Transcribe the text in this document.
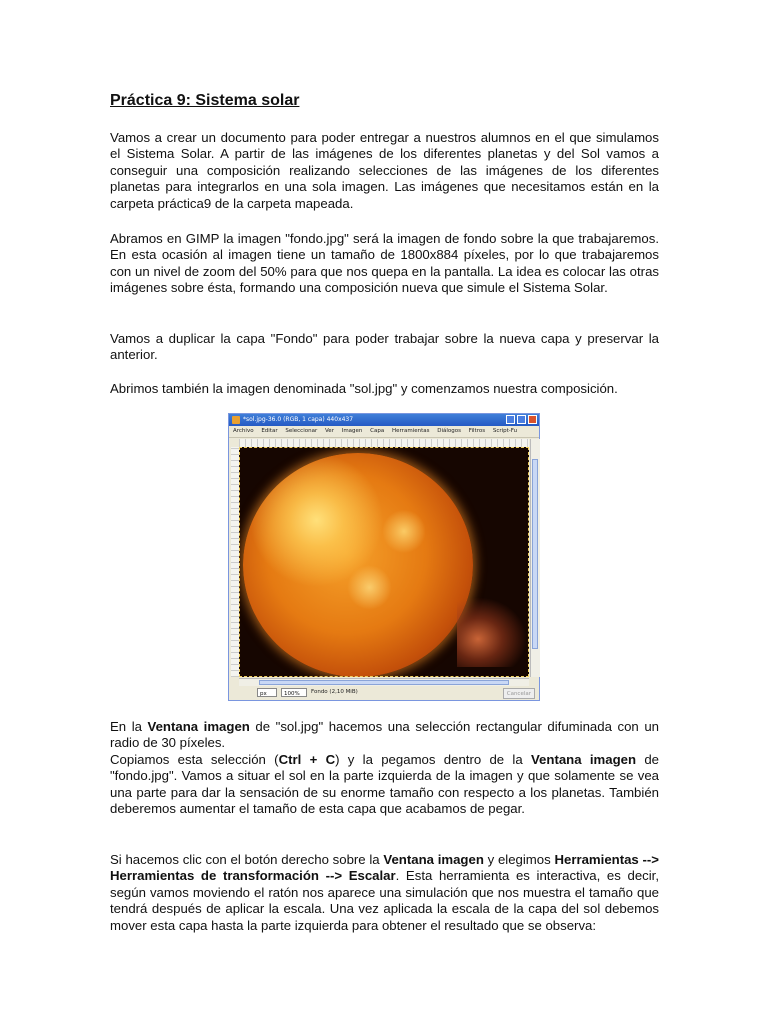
Práctica 9: Sistema solar

Vamos a crear un documento para poder entregar a nuestros alumnos en el que simulamos el Sistema Solar. A partir de las imágenes de los diferentes planetas y del Sol vamos a conseguir una composición realizando selecciones de las imágenes de los diferentes planetas para integrarlos en una sola imagen. Las imágenes que necesitamos están en la carpeta práctica9 de la carpeta mapeada.

Abramos en GIMP la imagen "fondo.jpg" será la imagen de fondo sobre la que trabajaremos. En esta ocasión al imagen tiene un tamaño de 1800x884 píxeles, por lo que trabajaremos con un nivel de zoom del 50% para que nos quepa en la pantalla. La idea es colocar las otras imágenes sobre ésta, formando una composición nueva que simule el Sistema Solar.

Vamos a duplicar la capa "Fondo" para poder trabajar sobre la nueva capa y preservar la anterior.

Abrimos también la imagen denominada "sol.jpg" y comenzamos nuestra composición.

*sol.jpg-36.0 (RGB, 1 capa) 440x437
Archivo Editar Seleccionar Ver Imagen Capa Herramientas Diálogos Filtros Script-Fu
px	100%	Fondo (2,10 MiB)	Cancelar

En la Ventana imagen de "sol.jpg" hacemos una selección rectangular difuminada con un radio de 30 píxeles.
Copiamos esta selección (Ctrl + C) y la pegamos dentro de la Ventana imagen de "fondo.jpg". Vamos a situar el sol en la parte izquierda de la imagen y que solamente se vea una parte para dar la sensación de su enorme tamaño con respecto a los planetas. También deberemos aumentar el tamaño de esta capa que acabamos de pegar.

Si hacemos clic con el botón derecho sobre la Ventana imagen y elegimos Herramientas --> Herramientas de transformación --> Escalar. Esta herramienta es interactiva, es decir, según vamos moviendo el ratón nos aparece una simulación que nos muestra el tamaño que tendrá después de aplicar la escala. Una vez aplicada la escala de la capa del sol debemos mover esta capa hasta la parte izquierda para obtener el resultado que se observa:
